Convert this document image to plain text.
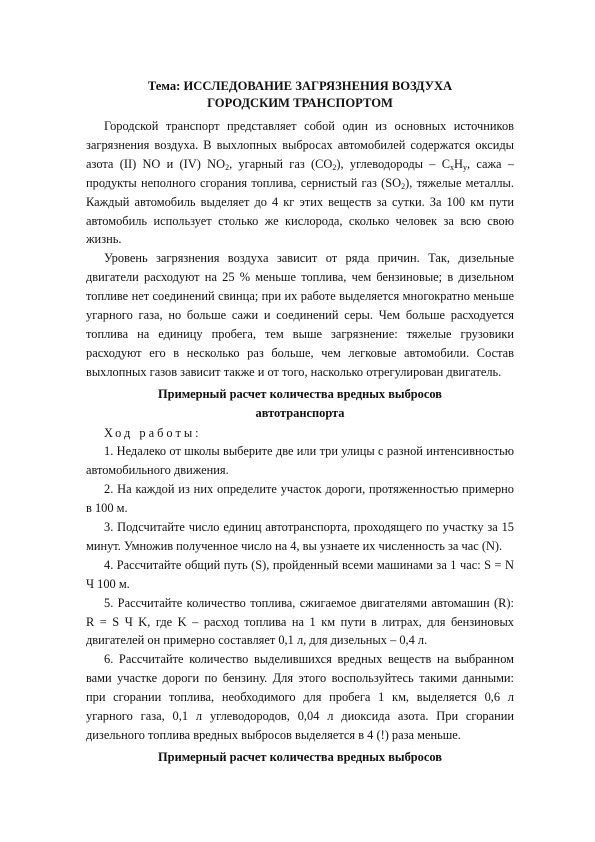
Тема: ИССЛЕДОВАНИЕ ЗАГРЯЗНЕНИЯ ВОЗДУХА
ГОРОДСКИМ ТРАНСПОРТОМ

Городской транспорт представляет собой один из основных источников загрязнения воздуха. В выхлопных выбросах автомобилей содержатся оксиды азота (II) NO и (IV) $NO_2$, угарный газ $(CO_2)$, углеводороды – $C_xH_y$, сажа – продукты неполного сгорания топлива, сернистый газ $(SO_2)$, тяжелые металлы. Каждый автомобиль выделяет до 4 кг этих веществ за сутки. За 100 км пути автомобиль использует столько же кислорода, сколько человек за всю свою жизнь.

Уровень загрязнения воздуха зависит от ряда причин. Так, дизельные двигатели расходуют на 25 % меньше топлива, чем бензиновые; в дизельном топливе нет соединений свинца; при их работе выделяется многократно меньше угарного газа, но больше сажи и соединений серы. Чем больше расходуется топлива на единицу пробега, тем выше загрязнение: тяжелые грузовики расходуют его в несколько раз больше, чем легковые автомобили. Состав выхлопных газов зависит также и от того, насколько отрегулирован двигатель.

Примерный расчет количества вредных выбросов
автотранспорта

Ход работы:

1. Недалеко от школы выберите две или три улицы с разной интенсивностью автомобильного движения.

2. На каждой из них определите участок дороги, протяженностью примерно в 100 м.

3. Подсчитайте число единиц автотранспорта, проходящего по участку за 15 минут. Умножив полученное число на 4, вы узнаете их численность за час (N).

4. Рассчитайте общий путь (S), пройденный всеми машинами за 1 час: S = N Ч 100 м.

5. Рассчитайте количество топлива, сжигаемое двигателями автомашин (R): R = S Ч K, где K – расход топлива на 1 км пути в литрах, для бензиновых двигателей он примерно составляет 0,1 л, для дизельных – 0,4 л.

6. Рассчитайте количество выделившихся вредных веществ на выбранном вами участке дороги по бензину. Для этого воспользуйтесь такими данными: при сгорании топлива, необходимого для пробега 1 км, выделяется 0,6 л угарного газа, 0,1 л углеводородов, 0,04 л диоксида азота. При сгорании дизельного топлива вредных выбросов выделяется в 4 (!) раза меньше.

Примерный расчет количества вредных выбросов
